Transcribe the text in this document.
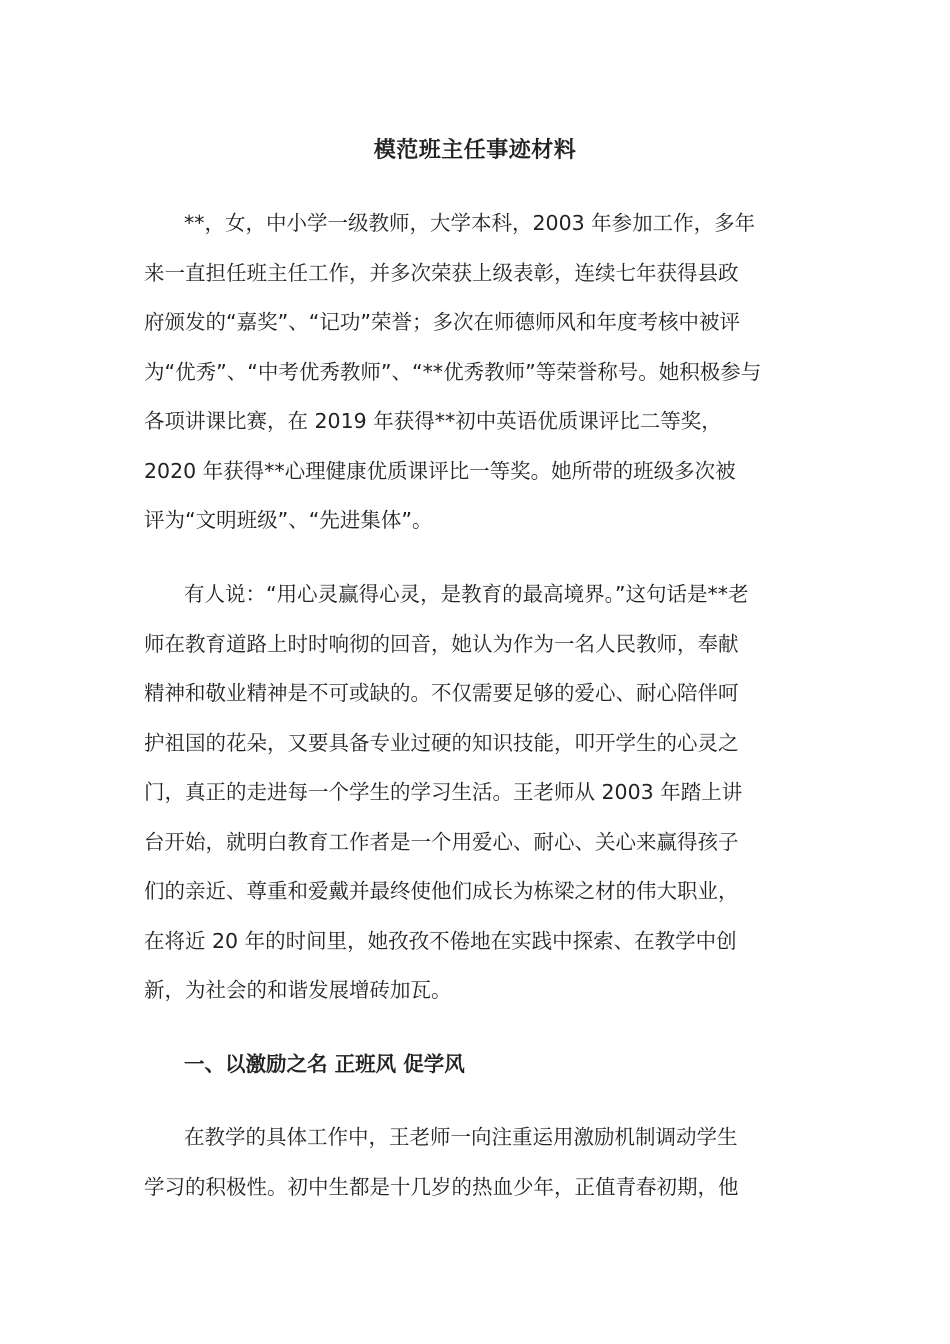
模范班主任事迹材料

**，女，中小学一级教师，大学本科，2003 年参加工作，多年
来一直担任班主任工作，并多次荣获上级表彰，连续七年获得县政
府颁发的“嘉奖”、“记功”荣誉；多次在师德师风和年度考核中被评
为“优秀”、“中考优秀教师”、“**优秀教师”等荣誉称号。她积极参与
各项讲课比赛，在 2019 年获得**初中英语优质课评比二等奖，
2020 年获得**心理健康优质课评比一等奖。她所带的班级多次被
评为“文明班级”、“先进集体”。

有人说：“用心灵赢得心灵，是教育的最高境界。”这句话是**老
师在教育道路上时时响彻的回音，她认为作为一名人民教师，奉献
精神和敬业精神是不可或缺的。不仅需要足够的爱心、耐心陪伴呵
护祖国的花朵，又要具备专业过硬的知识技能，叩开学生的心灵之
门，真正的走进每一个学生的学习生活。王老师从 2003 年踏上讲
台开始，就明白教育工作者是一个用爱心、耐心、关心来赢得孩子
们的亲近、尊重和爱戴并最终使他们成长为栋梁之材的伟大职业，
在将近 20 年的时间里，她孜孜不倦地在实践中探索、在教学中创
新，为社会的和谐发展增砖加瓦。

一、以激励之名 正班风 促学风

在教学的具体工作中，王老师一向注重运用激励机制调动学生
学习的积极性。初中生都是十几岁的热血少年，正值青春初期，他
